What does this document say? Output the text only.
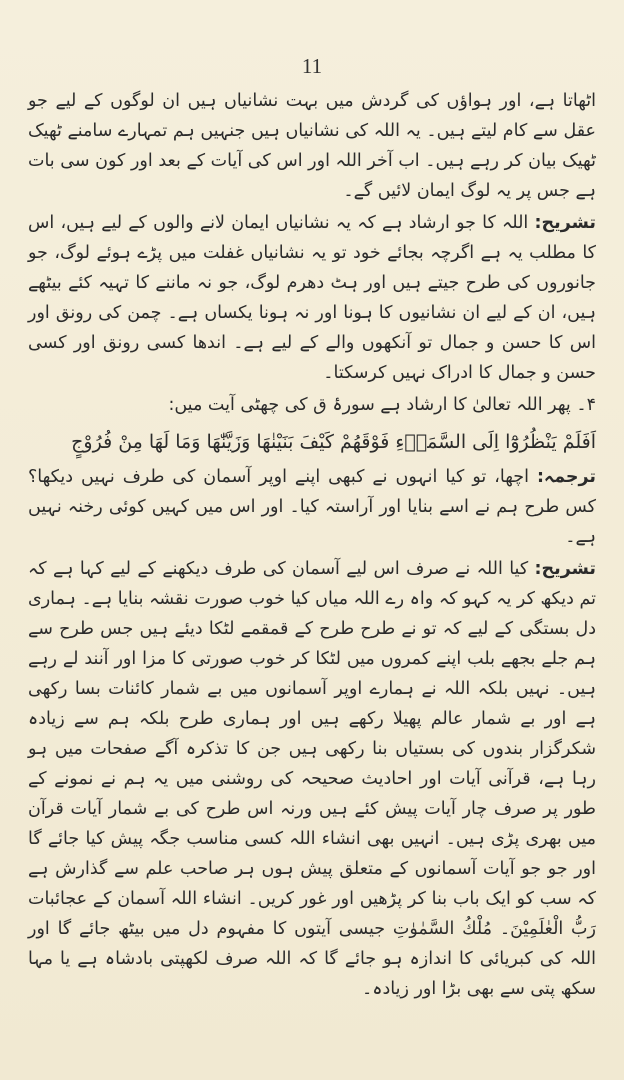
11

اٹھاتا ہے، اور ہواؤں کی گردش میں بہت نشانیاں ہیں ان لوگوں کے لیے جو عقل سے کام لیتے ہیں۔ یہ اللہ کی نشانیاں ہیں جنہیں ہم تمہارے سامنے ٹھیک ٹھیک بیان کر رہے ہیں۔ اب آخر اللہ اور اس کی آیات کے بعد اور کون سی بات ہے جس پر یہ لوگ ایمان لائیں گے۔

تشریح: اللہ کا جو ارشاد ہے کہ یہ نشانیاں ایمان لانے والوں کے لیے ہیں، اس کا مطلب یہ ہے اگرچہ بجائے خود تو یہ نشانیاں غفلت میں پڑے ہوئے لوگ، جو جانوروں کی طرح جیتے ہیں اور ہٹ دھرم لوگ، جو نہ ماننے کا تہیہ کئے بیٹھے ہیں، ان کے لیے ان نشانیوں کا ہونا اور نہ ہونا یکساں ہے۔ چمن کی رونق اور اس کا حسن و جمال تو آنکھوں والے کے لیے ہے۔ اندھا کسی رونق اور کسی حسن و جمال کا ادراک نہیں کرسکتا۔

۴۔ پھر اللہ تعالیٰ کا ارشاد ہے سورۂ ق کی چھٹی آیت میں:

اَفَلَمْ یَنْظُرُوْٓا اِلَی السَّمَاۗءِ فَوْقَهُمْ كَیْفَ بَنَیْنٰهَا وَزَیَّنّٰهَا وَمَا لَهَا مِنْ فُرُوْجٍ

ترجمہ: اچھا، تو کیا انہوں نے کبھی اپنے اوپر آسمان کی طرف نہیں دیکھا؟ کس طرح ہم نے اسے بنایا اور آراستہ کیا۔ اور اس میں کہیں کوئی رخنہ نہیں ہے۔

تشریح: کیا اللہ نے صرف اس لیے آسمان کی طرف دیکھنے کے لیے کہا ہے کہ تم دیکھ کر یہ کہو کہ واہ رے اللہ میاں کیا خوب صورت نقشہ بنایا ہے۔ ہماری دل بستگی کے لیے کہ تو نے طرح طرح کے قمقمے لٹکا دیئے ہیں جس طرح سے ہم جلے بجھے بلب اپنے کمروں میں لٹکا کر خوب صورتی کا مزا اور آنند لے رہے ہیں۔ نہیں بلکہ اللہ نے ہمارے اوپر آسمانوں میں بے شمار کائنات بسا رکھی ہے اور بے شمار عالم پھیلا رکھے ہیں اور ہماری طرح بلکہ ہم سے زیادہ شکرگزار بندوں کی بستیاں بنا رکھی ہیں جن کا تذکرہ آگے صفحات میں ہو رہا ہے، قرآنی آیات اور احادیث صحیحہ کی روشنی میں یہ ہم نے نمونے کے طور پر صرف چار آیات پیش کئے ہیں ورنہ اس طرح کی بے شمار آیات قرآن میں بھری پڑی ہیں۔ انہیں بھی انشاء اللہ کسی مناسب جگہ پیش کیا جائے گا اور جو جو آیات آسمانوں کے متعلق پیش ہوں ہر صاحب علم سے گذارش ہے کہ سب کو ایک باب بنا کر پڑھیں اور غور کریں۔ انشاء اللہ آسمان کے عجائبات رَبُّ الْعٰلَمِیْنَ۔ مُلْكُ السَّمٰوٰتِ جیسی آیتوں کا مفہوم دل میں بیٹھ جائے گا اور اللہ کی کبریائی کا اندازہ ہو جائے گا کہ اللہ صرف لکھپتی بادشاہ ہے یا مہا سکھ پتی سے بھی بڑا اور زیادہ۔
